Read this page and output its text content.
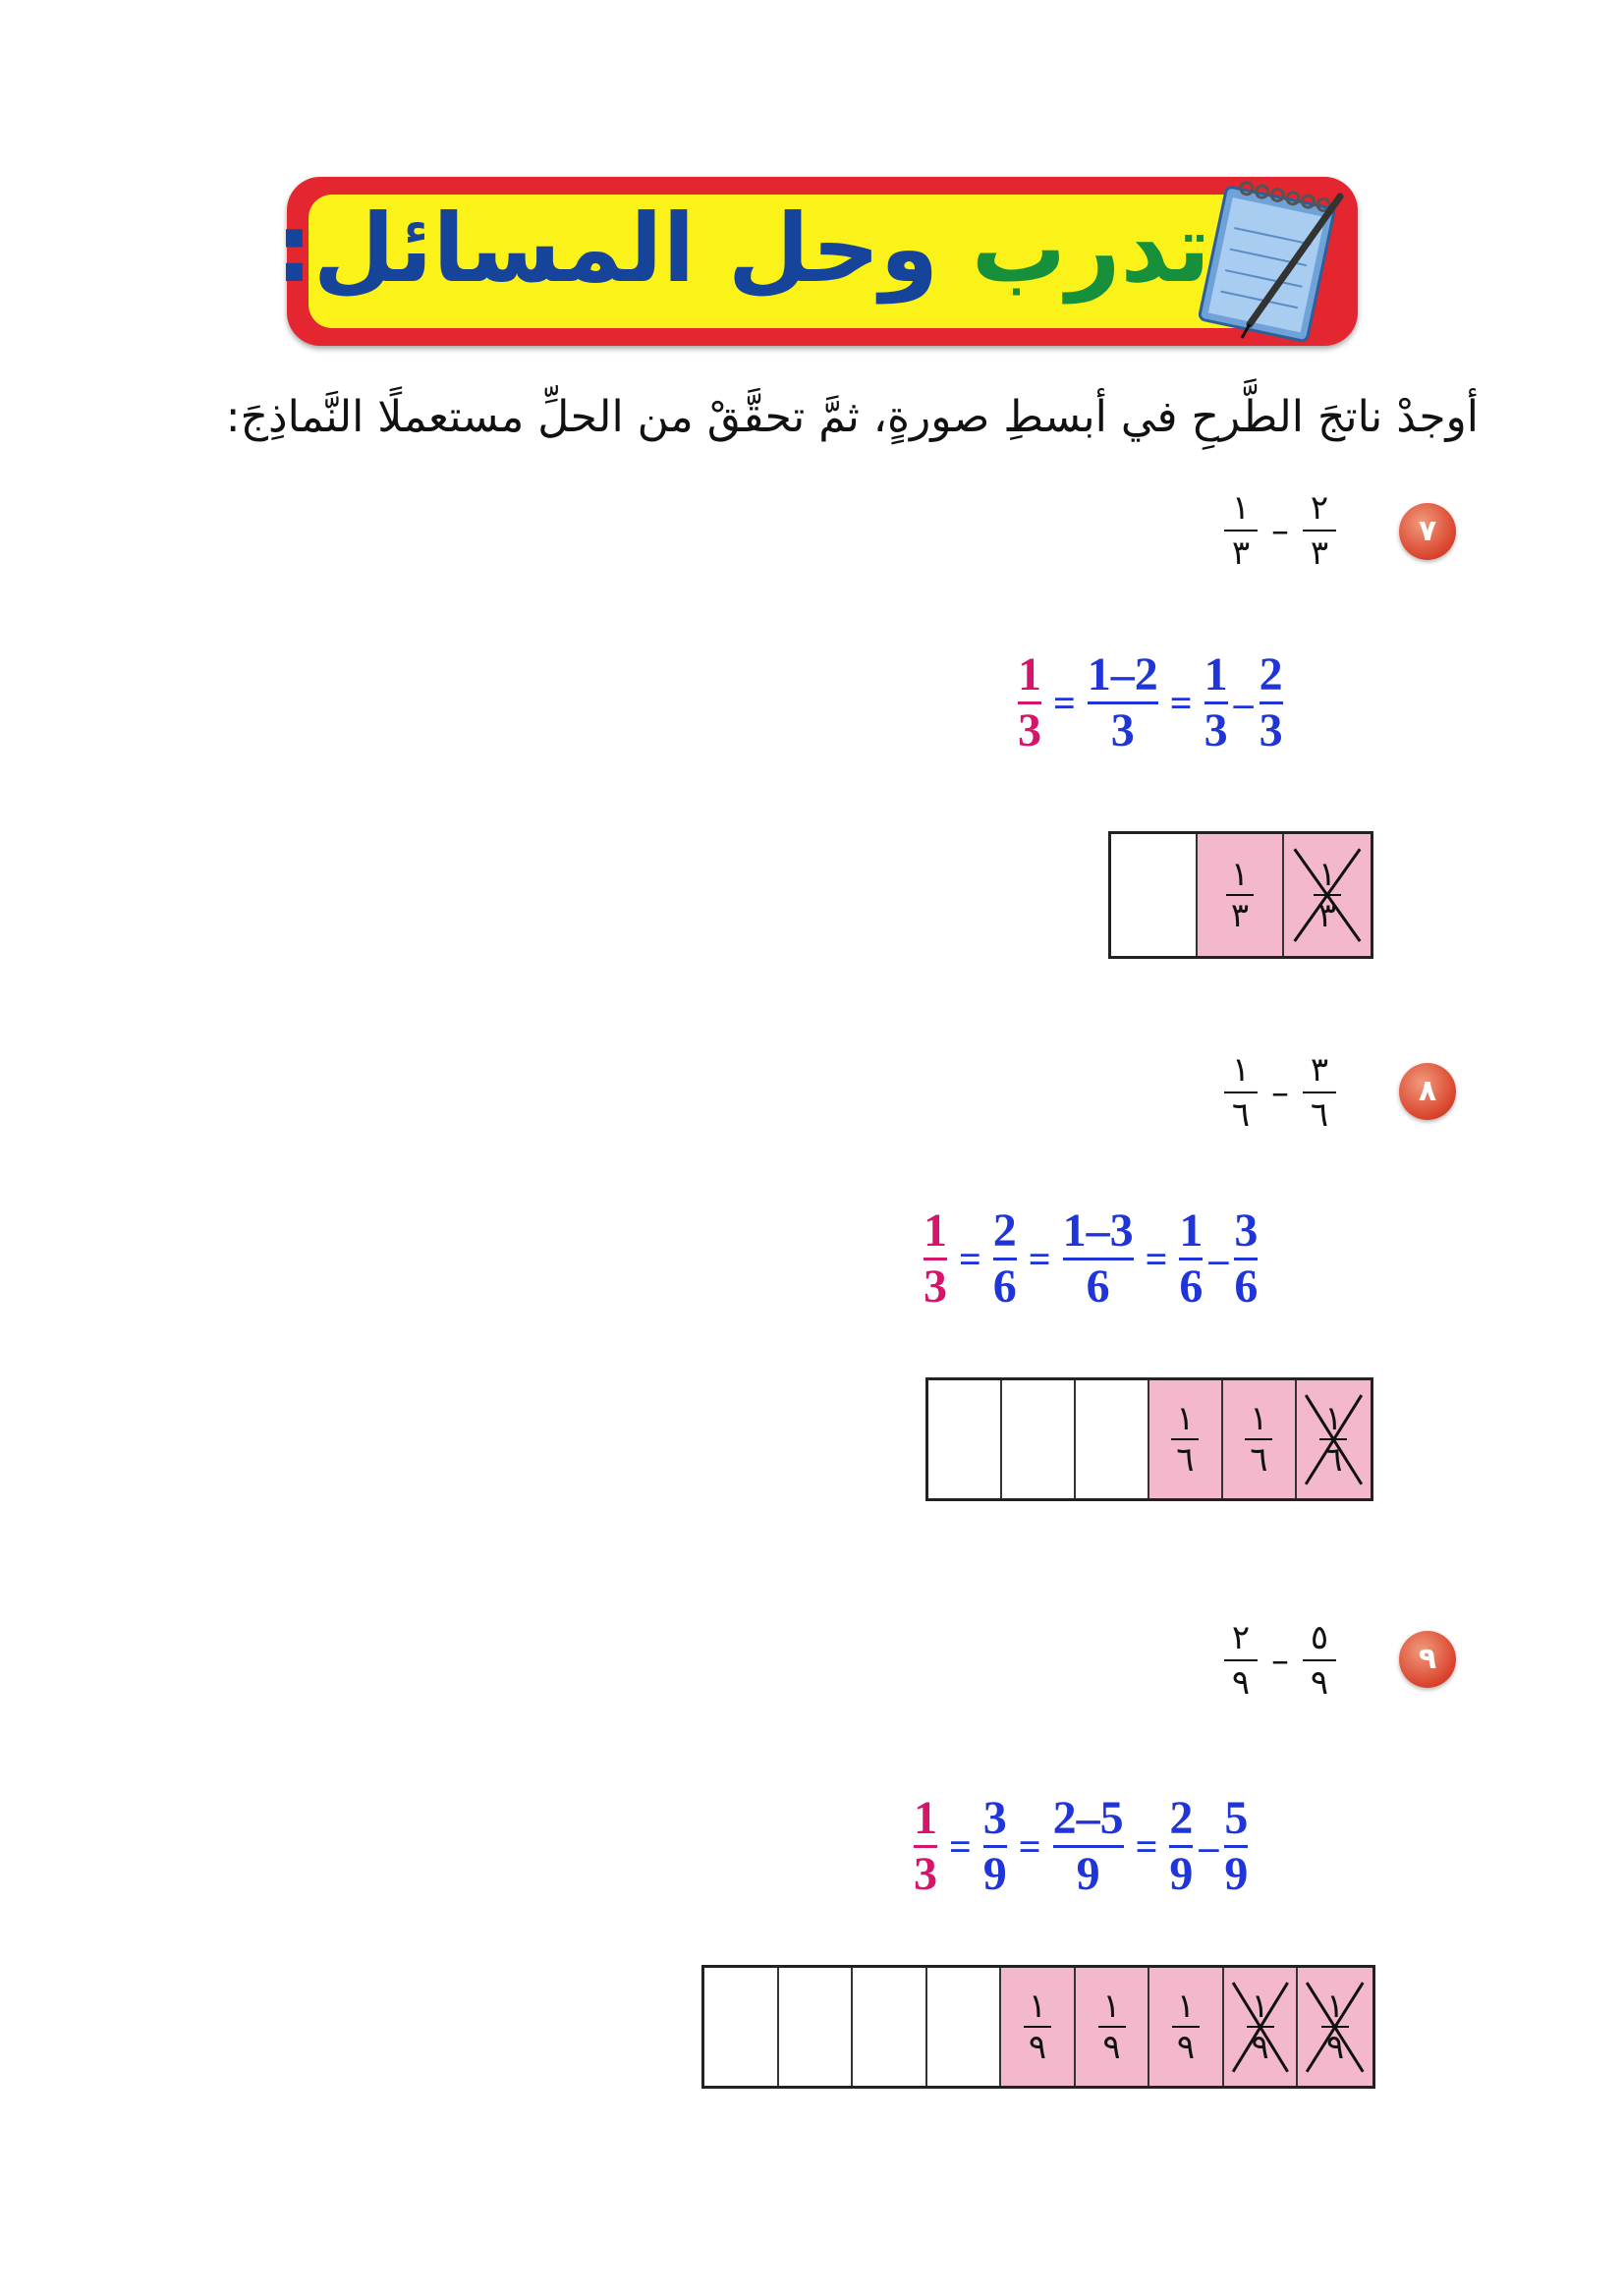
تدرب وحل المسائل:
أوجدْ ناتجَ الطَّرحِ في أبسطِ صورةٍ، ثمَّ تحقَّقْ من الحلِّ مستعملًا النَّماذِجَ:
٧
١
٣
–
٢
٣
$\frac{1}{3} = \frac{1-2}{3} = \frac{1}{3} - \frac{2}{3}$
١
٣
١
٣
٨
١
٦
–
٣
٦
$\frac{1}{3} = \frac{2}{6} = \frac{1-3}{6} = \frac{1}{6} - \frac{3}{6}$
١
٦
١
٦
١
٦
٩
٢
٩
–
٥
٩
$\frac{1}{3} = \frac{3}{9} = \frac{2-5}{9} = \frac{2}{9} - \frac{5}{9}$
١
٩
١
٩
١
٩
١
٩
١
٩
